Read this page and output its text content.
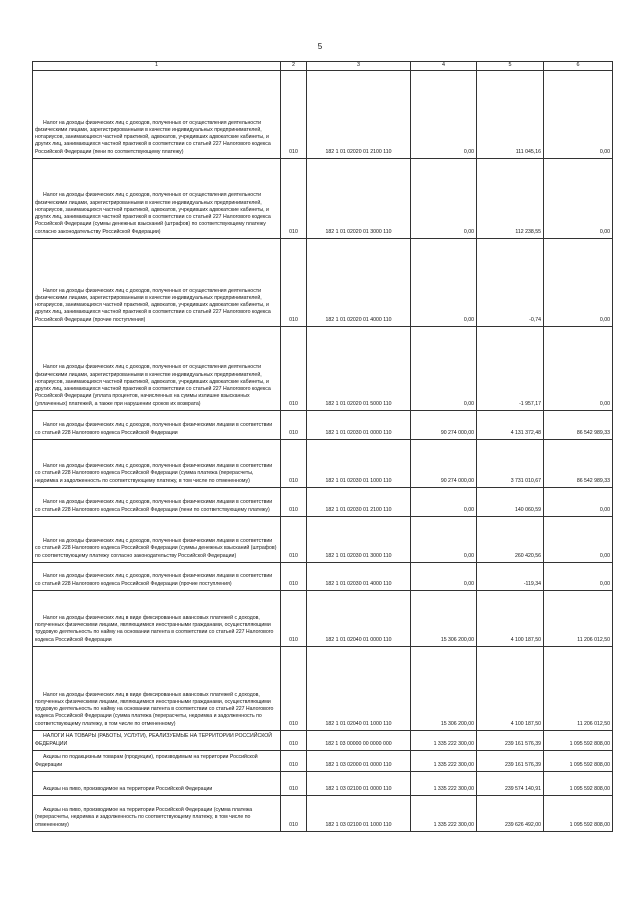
5
1	2	3	4	5	6

Налог на доходы физических лиц с доходов, полученных от осуществления деятельности физическими лицами, зарегистрированными в качестве индивидуальных предпринимателей, нотариусов, занимающихся частной практикой, адвокатов, учредивших адвокатские кабинеты, и других лиц, занимающихся частной практикой в соответствии со статьей 227 Налогового кодекса Российской Федерации (пени по соответствующему платежу)	010	182 1 01 02020 01 2100 110	0,00	111 045,16	0,00

Налог на доходы физических лиц с доходов, полученных от осуществления деятельности физическими лицами, зарегистрированными в качестве индивидуальных предпринимателей, нотариусов, занимающихся частной практикой, адвокатов, учредивших адвокатские кабинеты, и других лиц, занимающихся частной практикой в соответствии со статьей 227 Налогового кодекса Российской Федерации (суммы денежных взысканий (штрафов) по соответствующему платежу согласно законодательству Российской Федерации)	010	182 1 01 02020 01 3000 110	0,00	112 238,55	0,00

Налог на доходы физических лиц с доходов, полученных от осуществления деятельности физическими лицами, зарегистрированными в качестве индивидуальных предпринимателей, нотариусов, занимающихся частной практикой, адвокатов, учредивших адвокатские кабинеты, и других лиц, занимающихся частной практикой в соответствии со статьей 227 Налогового кодекса Российской Федерации (прочие поступления)	010	182 1 01 02020 01 4000 110	0,00	-0,74	0,00

Налог на доходы физических лиц с доходов, полученных от осуществления деятельности физическими лицами, зарегистрированными в качестве индивидуальных предпринимателей, нотариусов, занимающихся частной практикой, адвокатов, учредивших адвокатские кабинеты, и других лиц, занимающихся частной практикой в соответствии со статьей 227 Налогового кодекса Российской Федерации (уплата процентов, начисленных на суммы излишне взысканных (уплаченных) платежей, а также при нарушении сроков их возврата)	010	182 1 01 02020 01 5000 110	0,00	-1 957,17	0,00

Налог на доходы физических лиц с доходов, полученных физическими лицами в соответствии со статьей 228 Налогового кодекса Российской Федерации	010	182 1 01 02030 01 0000 110	90 274 000,00	4 131 372,48	86 542 989,33

Налог на доходы физических лиц с доходов, полученных физическими лицами в соответствии со статьей 228 Налогового кодекса Российской Федерации (сумма платежа (перерасчеты, недоимка и задолженность по соответствующему платежу, в том числе по отмененному)	010	182 1 01 02030 01 1000 110	90 274 000,00	3 731 010,67	86 542 989,33

Налог на доходы физических лиц с доходов, полученных физическими лицами в соответствии со статьей 228 Налогового кодекса Российской Федерации (пени по соответствующему платежу)	010	182 1 01 02030 01 2100 110	0,00	140 060,59	0,00

Налог на доходы физических лиц с доходов, полученных физическими лицами в соответствии со статьей 228 Налогового кодекса Российской Федерации (суммы денежных взысканий (штрафов) по соответствующему платежу согласно законодательству Российской Федерации)	010	182 1 01 02030 01 3000 110	0,00	260 420,56	0,00

Налог на доходы физических лиц с доходов, полученных физическими лицами в соответствии со статьей 228 Налогового кодекса Российской Федерации (прочие поступления)	010	182 1 01 02030 01 4000 110	0,00	-119,34	0,00

Налог на доходы физических лиц в виде фиксированных авансовых платежей с доходов, полученных физическими лицами, являющимися иностранными гражданами, осуществляющими трудовую деятельность по найму на основании патента в соответствии со статьей 227 Налогового кодекса Российской Федерации	010	182 1 01 02040 01 0000 110	15 306 200,00	4 100 187,50	11 206 012,50

Налог на доходы физических лиц в виде фиксированных авансовых платежей с доходов, полученных физическими лицами, являющимися иностранными гражданами, осуществляющими трудовую деятельность по найму на основании патента в соответствии со статьей 227 Налогового кодекса Российской Федерации (сумма платежа (перерасчеты, недоимка и задолженность по соответствующему платежу, в том числе по отмененному)	010	182 1 01 02040 01 1000 110	15 306 200,00	4 100 187,50	11 206 012,50

НАЛОГИ НА ТОВАРЫ (РАБОТЫ, УСЛУГИ), РЕАЛИЗУЕМЫЕ НА ТЕРРИТОРИИ РОССИЙСКОЙ ФЕДЕРАЦИИ	010	182 1 03 00000 00 0000 000	1 335 222 300,00	239 161 576,39	1 095 592 808,00

Акцизы по подакцизным товарам (продукции), производимым на территории Российской Федерации	010	182 1 03 02000 01 0000 110	1 335 222 300,00	239 161 576,39	1 095 592 808,00

Акцизы на пиво, производимое на территории Российской Федерации	010	182 1 03 02100 01 0000 110	1 335 222 300,00	239 574 140,91	1 095 592 808,00

Акцизы на пиво, производимое на территории Российской Федерации (сумма платежа (перерасчеты, недоимка и задолженность по соответствующему платежу, в том числе по отмененному)	010	182 1 03 02100 01 1000 110	1 335 222 300,00	239 626 492,00	1 095 592 808,00
